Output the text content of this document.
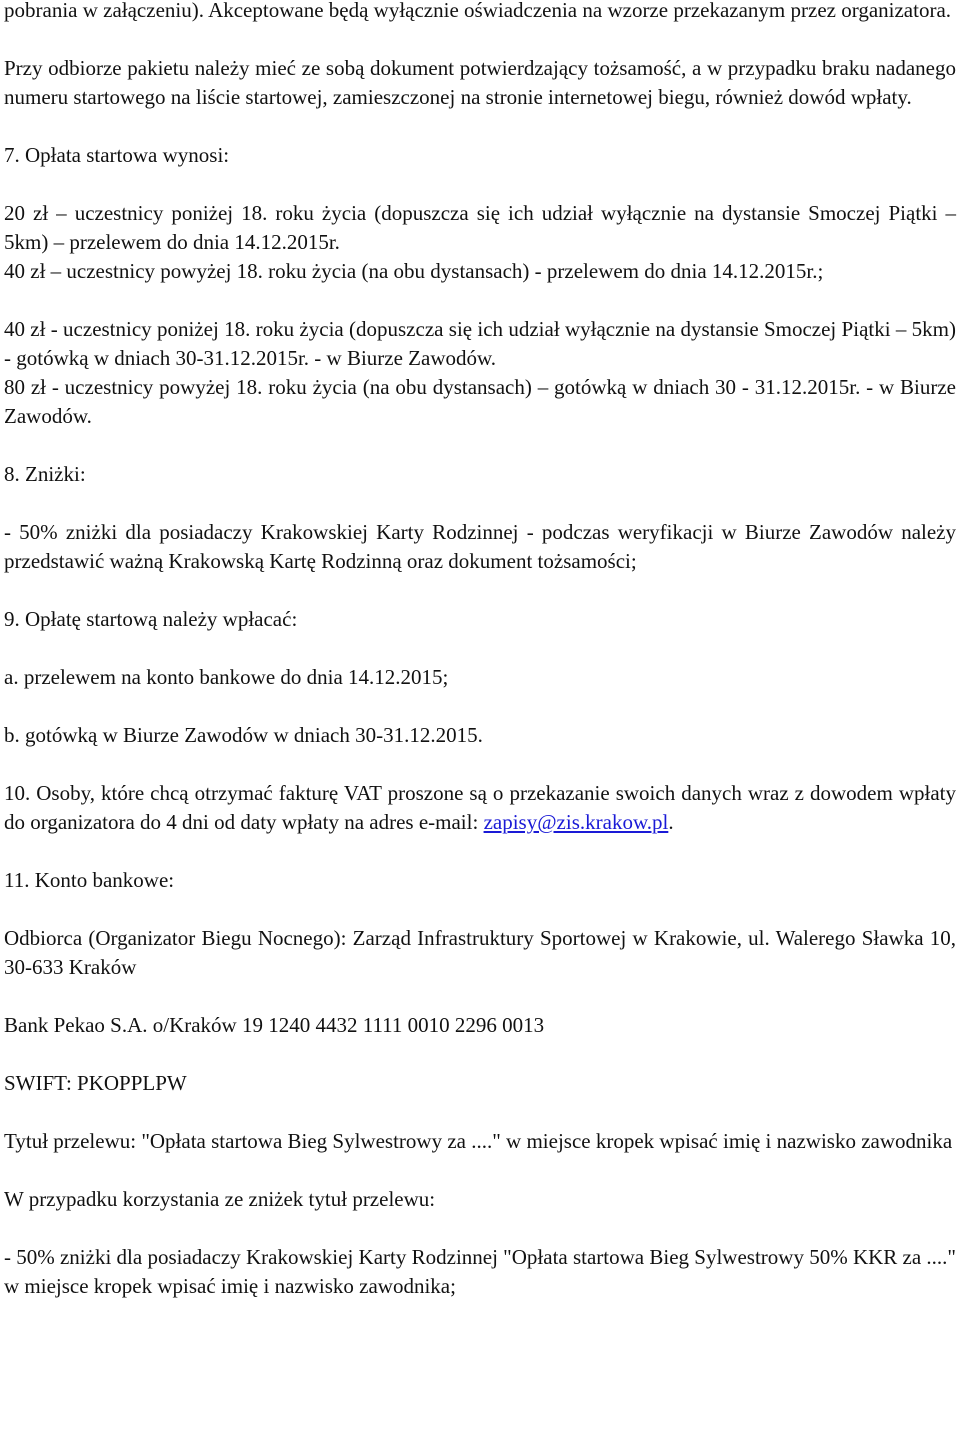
pobrania w załączeniu). Akceptowane będą wyłącznie oświadczenia na wzorze przekazanym przez organizatora.

Przy odbiorze pakietu należy mieć ze sobą dokument potwierdzający tożsamość, a w przypadku braku nadanego numeru startowego na liście startowej, zamieszczonej na stronie internetowej biegu, również dowód wpłaty.

7. Opłata startowa wynosi:

20 zł – uczestnicy poniżej 18. roku życia (dopuszcza się ich udział wyłącznie na dystansie Smoczej Piątki – 5km) – przelewem do dnia 14.12.2015r.

40 zł – uczestnicy powyżej 18. roku życia (na obu dystansach) - przelewem do dnia 14.12.2015r.;

40 zł - uczestnicy poniżej 18. roku życia (dopuszcza się ich udział wyłącznie na dystansie Smoczej Piątki – 5km) - gotówką w dniach 30-31.12.2015r. - w Biurze Zawodów.

80 zł - uczestnicy powyżej 18. roku życia (na obu dystansach) – gotówką w dniach 30 - 31.12.2015r. - w Biurze Zawodów.

8. Zniżki:

- 50% zniżki dla posiadaczy Krakowskiej Karty Rodzinnej - podczas weryfikacji w Biurze Zawodów należy przedstawić ważną Krakowską Kartę Rodzinną oraz dokument tożsamości;

9. Opłatę startową należy wpłacać:

a. przelewem na konto bankowe do dnia 14.12.2015;

b. gotówką w Biurze Zawodów w dniach 30-31.12.2015.

10. Osoby, które chcą otrzymać fakturę VAT proszone są o przekazanie swoich danych wraz z dowodem wpłaty do organizatora do 4 dni od daty wpłaty na adres e-mail: zapisy@zis.krakow.pl.

11. Konto bankowe:

Odbiorca (Organizator Biegu Nocnego): Zarząd Infrastruktury Sportowej w Krakowie, ul. Walerego Sławka 10, 30-633 Kraków

Bank Pekao S.A. o/Kraków 19 1240 4432 1111 0010 2296 0013

SWIFT: PKOPPLPW

Tytuł przelewu: "Opłata startowa Bieg Sylwestrowy za ...." w miejsce kropek wpisać imię i nazwisko zawodnika

W przypadku korzystania ze zniżek tytuł przelewu:

- 50% zniżki dla posiadaczy Krakowskiej Karty Rodzinnej "Opłata startowa Bieg Sylwestrowy 50% KKR za ...." w miejsce kropek wpisać imię i nazwisko zawodnika;
